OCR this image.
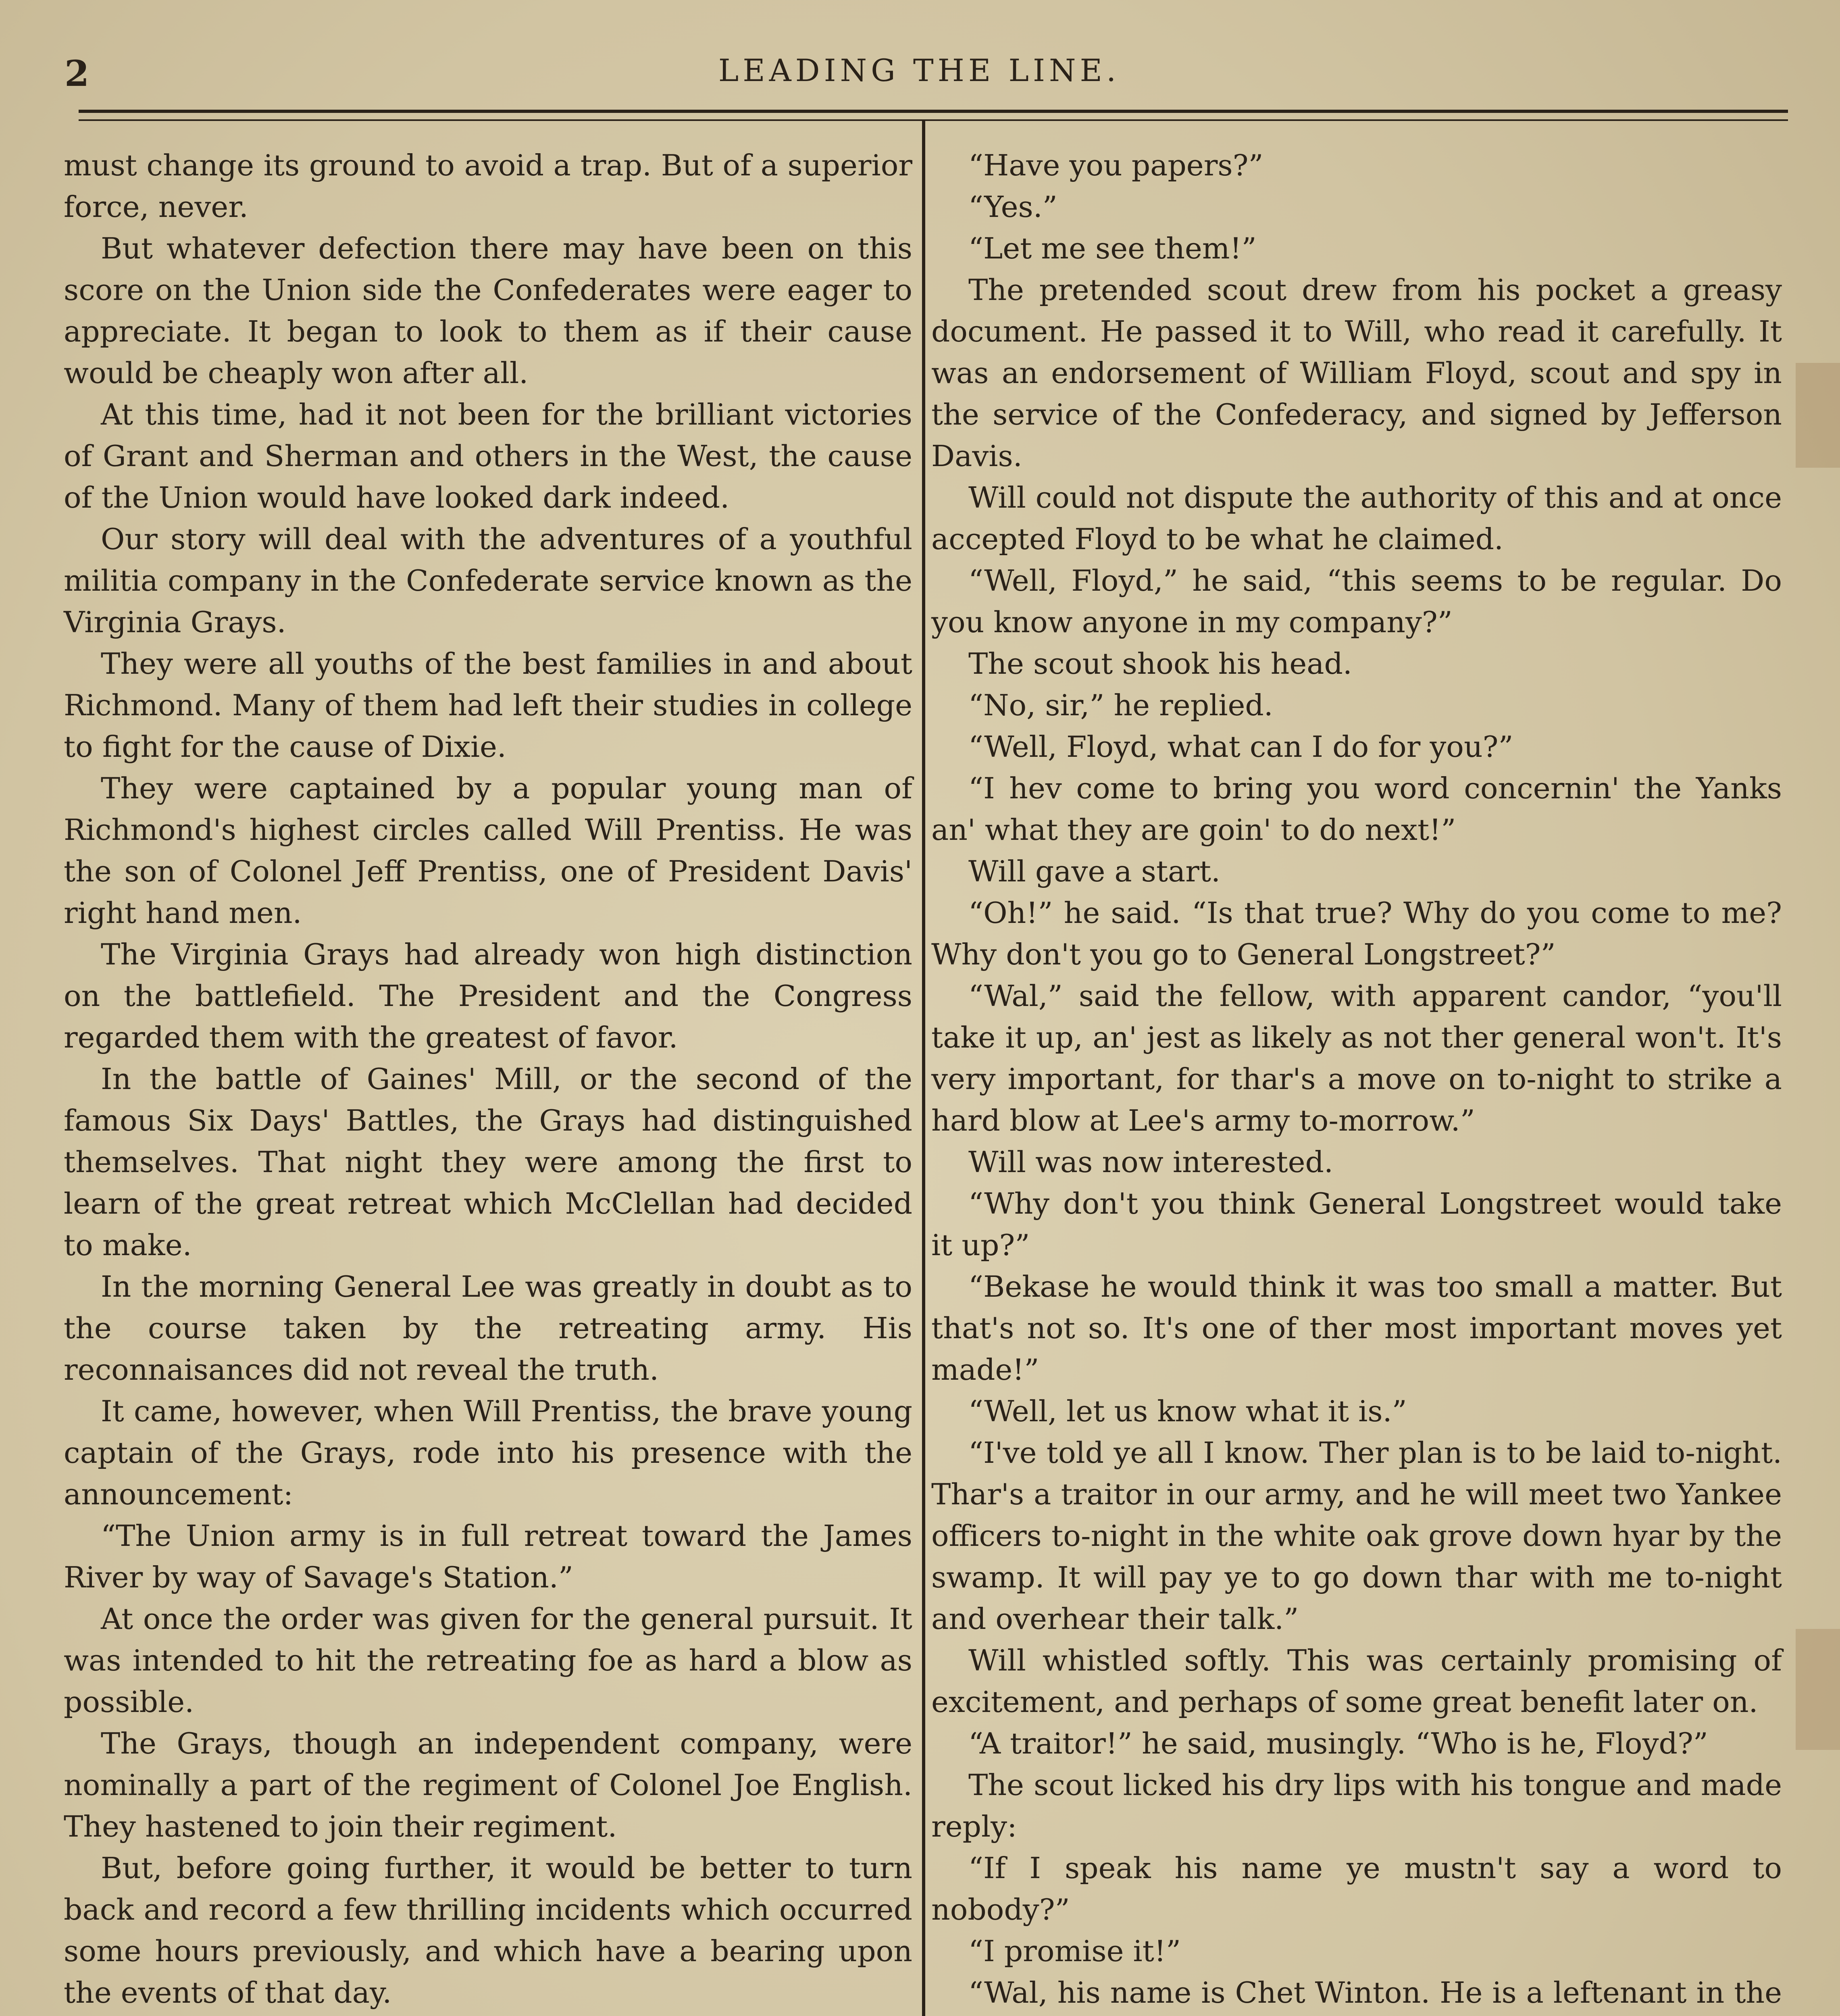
2	LEADING THE LINE.

must change its ground to avoid a trap. But of a superior force, never.

But whatever defection there may have been on this score on the Union side the Confederates were eager to appreciate. It began to look to them as if their cause would be cheaply won after all.

At this time, had it not been for the brilliant victories of Grant and Sherman and others in the West, the cause of the Union would have looked dark indeed.

Our story will deal with the adventures of a youthful militia company in the Confederate service known as the Virginia Grays.

They were all youths of the best families in and about Richmond. Many of them had left their studies in college to fight for the cause of Dixie.

They were captained by a popular young man of Richmond's highest circles called Will Prentiss. He was the son of Colonel Jeff Prentiss, one of President Davis' right hand men.

The Virginia Grays had already won high distinction on the battlefield. The President and the Congress regarded them with the greatest of favor.

In the battle of Gaines' Mill, or the second of the famous Six Days' Battles, the Grays had distinguished themselves. That night they were among the first to learn of the great retreat which McClellan had decided to make.

In the morning General Lee was greatly in doubt as to the course taken by the retreating army. His reconnaisances did not reveal the truth.

It came, however, when Will Prentiss, the brave young captain of the Grays, rode into his presence with the announcement:

“The Union army is in full retreat toward the James River by way of Savage's Station.”

At once the order was given for the general pursuit. It was intended to hit the retreating foe as hard a blow as possible.

The Grays, though an independent company, were nominally a part of the regiment of Colonel Joe English. They hastened to join their regiment.

But, before going further, it would be better to turn back and record a few thrilling incidents which occurred some hours previously, and which have a bearing upon the events of that day.

“Have you papers?”

“Yes.”

“Let me see them!”

The pretended scout drew from his pocket a greasy document. He passed it to Will, who read it carefully. It was an endorsement of William Floyd, scout and spy in the service of the Confederacy, and signed by Jefferson Davis.

Will could not dispute the authority of this and at once accepted Floyd to be what he claimed.

“Well, Floyd,” he said, “this seems to be regular. Do you know anyone in my company?”

The scout shook his head.

“No, sir,” he replied.

“Well, Floyd, what can I do for you?”

“I hev come to bring you word concernin' the Yanks an' what they are goin' to do next!”

Will gave a start.

“Oh!” he said. “Is that true? Why do you come to me? Why don't you go to General Longstreet?”

“Wal,” said the fellow, with apparent candor, “you'll take it up, an' jest as likely as not ther general won't. It's very important, for thar's a move on to-night to strike a hard blow at Lee's army to-morrow.”

Will was now interested.

“Why don't you think General Longstreet would take it up?”

“Bekase he would think it was too small a matter. But that's not so. It's one of ther most important moves yet made!”

“Well, let us know what it is.”

“I've told ye all I know. Ther plan is to be laid to-night. Thar's a traitor in our army, and he will meet two Yankee officers to-night in the white oak grove down hyar by the swamp. It will pay ye to go down thar with me to-night and overhear their talk.”

Will whistled softly. This was certainly promising of excitement, and perhaps of some great benefit later on.

“A traitor!” he said, musingly. “Who is he, Floyd?”

The scout licked his dry lips with his tongue and made reply:

“If I speak his name ye mustn't say a word to nobody?”

“I promise it!”

“Wal, his name is Chet Winton. He is a leftenant in the
